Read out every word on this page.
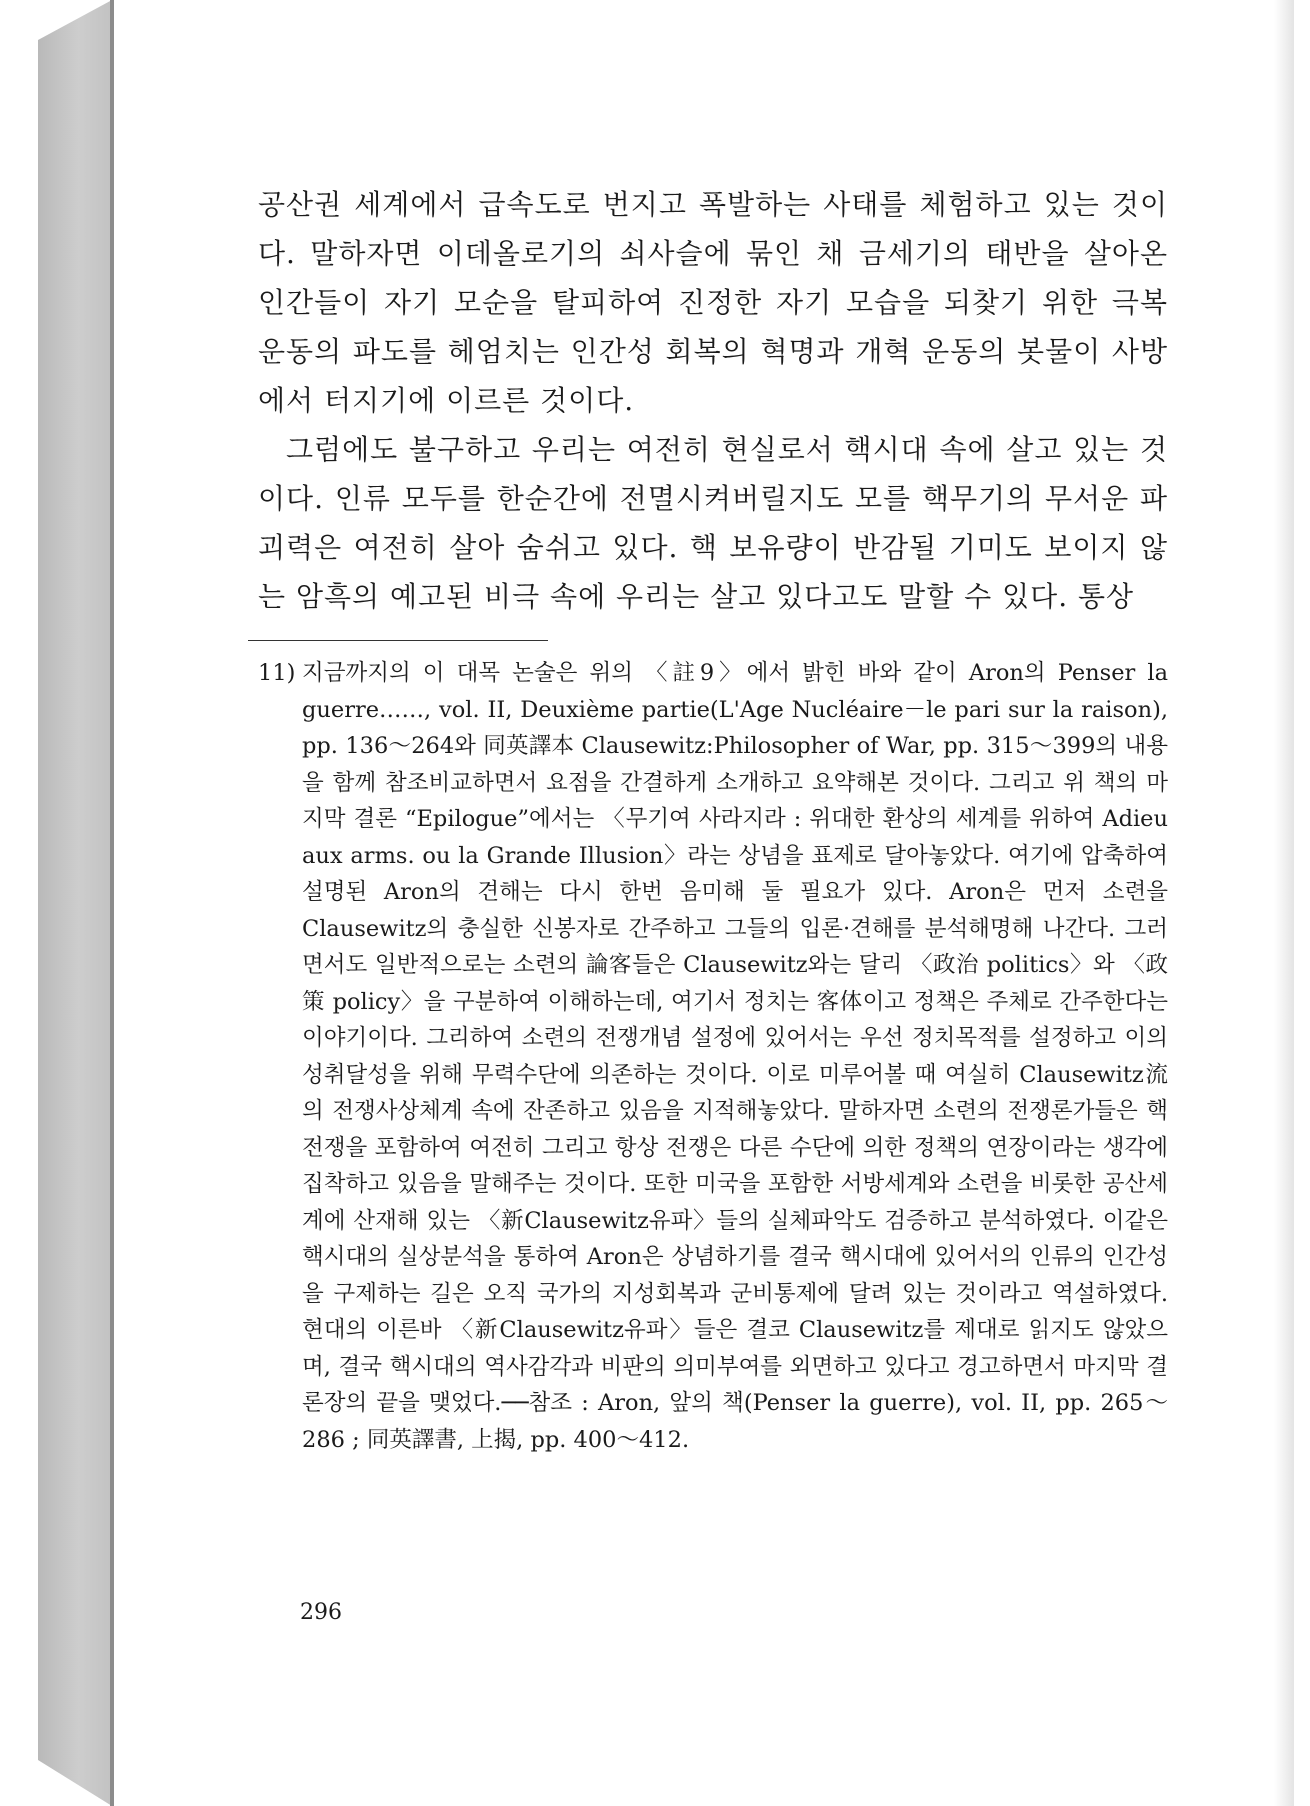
공산권 세계에서 급속도로 번지고 폭발하는 사태를 체험하고 있는 것이다. 말하자면 이데올로기의 쇠사슬에 묶인 채 금세기의 태반을 살아온 인간들이 자기 모순을 탈피하여 진정한 자기 모습을 되찾기 위한 극복 운동의 파도를 헤엄치는 인간성 회복의 혁명과 개혁 운동의 봇물이 사방에서 터지기에 이르른 것이다.

그럼에도 불구하고 우리는 여전히 현실로서 핵시대 속에 살고 있는 것이다. 인류 모두를 한순간에 전멸시켜버릴지도 모를 핵무기의 무서운 파괴력은 여전히 살아 숨쉬고 있다. 핵 보유량이 반감될 기미도 보이지 않는 암흑의 예고된 비극 속에 우리는 살고 있다고도 말할 수 있다. 통상

11) 지금까지의 이 대목 논술은 위의 〈註9〉에서 밝힌 바와 같이 Aron의 Penser la guerre……, vol. II, Deuxième partie(L'Age Nucléaire－le pari sur la raison), pp. 136～264와 同英譯本 Clausewitz:Philosopher of War, pp. 315～399의 내용을 함께 참조비교하면서 요점을 간결하게 소개하고 요약해본 것이다. 그리고 위 책의 마지막 결론 “Epilogue”에서는 〈무기여 사라지라 : 위대한 환상의 세계를 위하여 Adieu aux arms. ou la Grande Illusion〉라는 상념을 표제로 달아놓았다. 여기에 압축하여 설명된 Aron의 견해는 다시 한번 음미해 둘 필요가 있다. Aron은 먼저 소련을 Clausewitz의 충실한 신봉자로 간주하고 그들의 입론·견해를 분석해명해 나간다. 그러면서도 일반적으로는 소련의 論客들은 Clausewitz와는 달리 〈政治 politics〉와 〈政策 policy〉을 구분하여 이해하는데, 여기서 정치는 客体이고 정책은 주체로 간주한다는 이야기이다. 그리하여 소련의 전쟁개념 설정에 있어서는 우선 정치목적를 설정하고 이의 성취달성을 위해 무력수단에 의존하는 것이다. 이로 미루어볼 때 여실히 Clausewitz流의 전쟁사상체계 속에 잔존하고 있음을 지적해놓았다. 말하자면 소련의 전쟁론가들은 핵전쟁을 포함하여 여전히 그리고 항상 전쟁은 다른 수단에 의한 정책의 연장이라는 생각에 집착하고 있음을 말해주는 것이다. 또한 미국을 포함한 서방세계와 소련을 비롯한 공산세계에 산재해 있는 〈新Clausewitz유파〉들의 실체파악도 검증하고 분석하였다. 이같은 핵시대의 실상분석을 통하여 Aron은 상념하기를 결국 핵시대에 있어서의 인류의 인간성을 구제하는 길은 오직 국가의 지성회복과 군비통제에 달려 있는 것이라고 역설하였다. 현대의 이른바 〈新Clausewitz유파〉들은 결코 Clausewitz를 제대로 읽지도 않았으며, 결국 핵시대의 역사감각과 비판의 의미부여를 외면하고 있다고 경고하면서 마지막 결론장의 끝을 맺었다.──참조 : Aron, 앞의 책(Penser la guerre), vol. II, pp. 265～286 ; 同英譯書, 上揭, pp. 400～412.
296
